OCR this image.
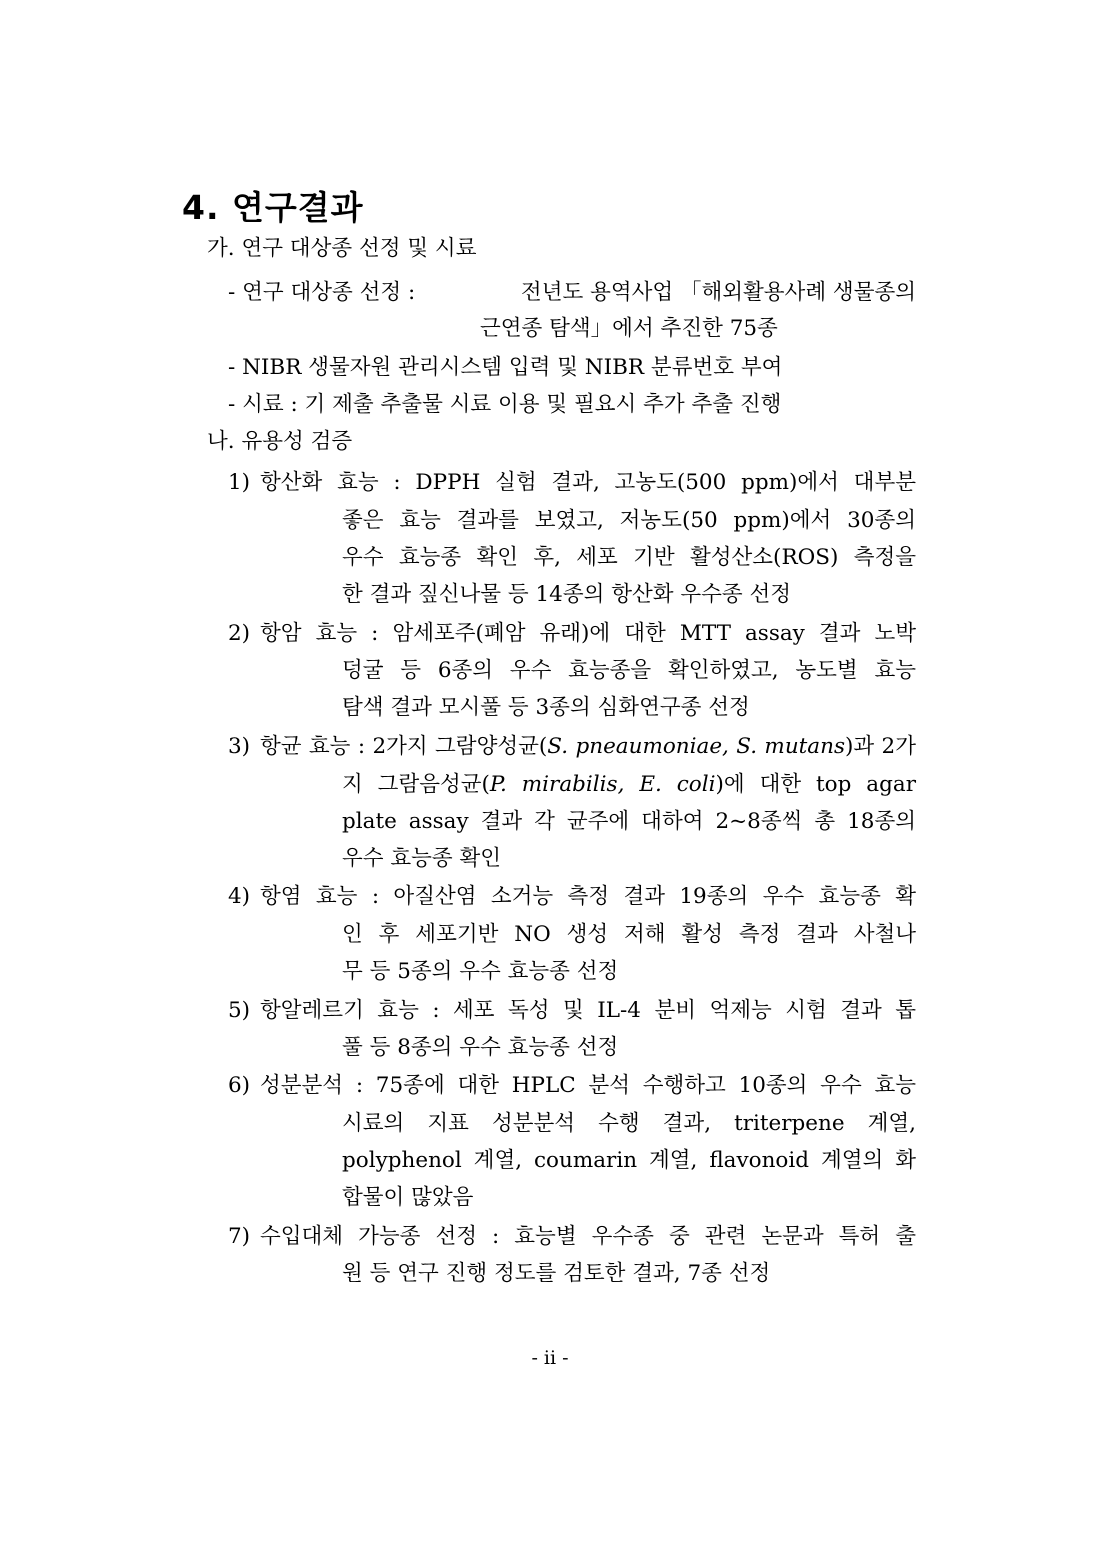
4. 연구결과
가. 연구 대상종 선정 및 시료
- 연구 대상종 선정 :	전년도 용역사업 「해외활용사례 생물종의
근연종 탐색」에서 추진한 75종
- NIBR 생물자원 관리시스템 입력 및 NIBR 분류번호 부여
- 시료 : 기 제출 추출물 시료 이용 및 필요시 추가 추출 진행
나. 유용성 검증
1) 항산화 효능 : DPPH 실험 결과, 고농도(500 ppm)에서 대부분
좋은 효능 결과를 보였고, 저농도(50 ppm)에서 30종의
우수 효능종 확인 후, 세포 기반 활성산소(ROS) 측정을
한 결과 짚신나물 등 14종의 항산화 우수종 선정
2) 항암 효능 : 암세포주(폐암 유래)에 대한 MTT assay 결과 노박
덩굴 등 6종의 우수 효능종을 확인하였고, 농도별 효능
탐색 결과 모시풀 등 3종의 심화연구종 선정
3) 항균 효능 : 2가지 그람양성균(S. pneaumoniae, S. mutans)과 2가
지 그람음성균(P. mirabilis, E. coli)에 대한 top agar
plate assay 결과 각 균주에 대하여 2~8종씩 총 18종의
우수 효능종 확인
4) 항염 효능 : 아질산염 소거능 측정 결과 19종의 우수 효능종 확
인 후 세포기반 NO 생성 저해 활성 측정 결과 사철나
무 등 5종의 우수 효능종 선정
5) 항알레르기 효능 : 세포 독성 및 IL-4 분비 억제능 시험 결과 톱
풀 등 8종의 우수 효능종 선정
6) 성분분석 : 75종에 대한 HPLC 분석 수행하고 10종의 우수 효능
시료의 지표 성분분석 수행 결과, triterpene 계열,
polyphenol 계열, coumarin 계열, flavonoid 계열의 화
합물이 많았음
7) 수입대체 가능종 선정 : 효능별 우수종 중 관련 논문과 특허 출
원 등 연구 진행 정도를 검토한 결과, 7종 선정
- ii -
